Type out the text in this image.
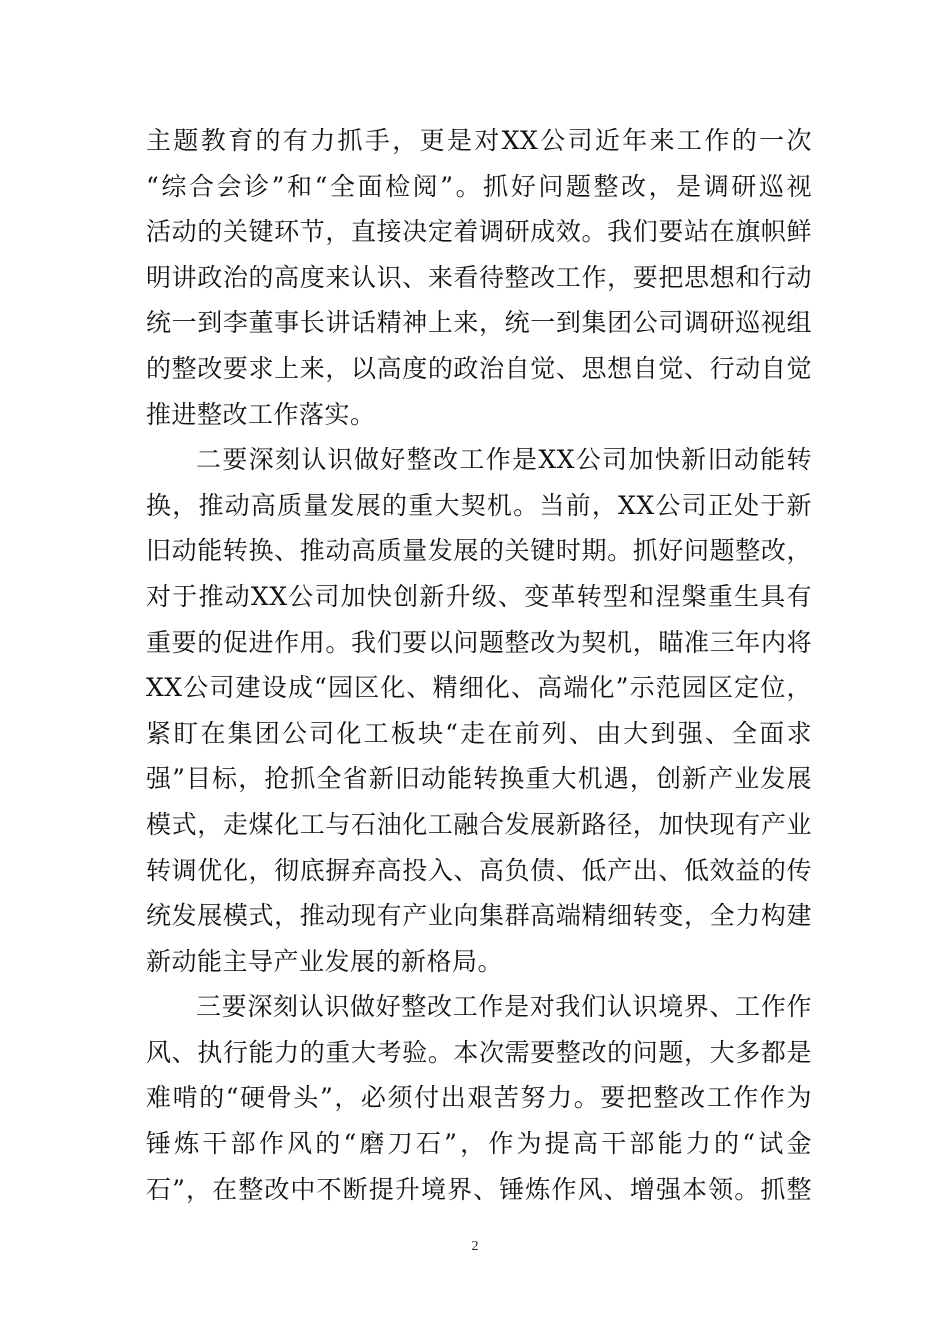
主题教育的有力抓手，更是对XX公司近年来工作的一次
“综合会诊”和“全面检阅”。抓好问题整改，是调研巡视
活动的关键环节，直接决定着调研成效。我们要站在旗帜鲜
明讲政治的高度来认识、来看待整改工作，要把思想和行动
统一到李董事长讲话精神上来，统一到集团公司调研巡视组
的整改要求上来，以高度的政治自觉、思想自觉、行动自觉
推进整改工作落实。
二要深刻认识做好整改工作是XX公司加快新旧动能转
换，推动高质量发展的重大契机。当前，XX公司正处于新
旧动能转换、推动高质量发展的关键时期。抓好问题整改，
对于推动XX公司加快创新升级、变革转型和涅槃重生具有
重要的促进作用。我们要以问题整改为契机，瞄准三年内将
XX公司建设成“园区化、精细化、高端化”示范园区定位，
紧盯在集团公司化工板块“走在前列、由大到强、全面求
强”目标，抢抓全省新旧动能转换重大机遇，创新产业发展
模式，走煤化工与石油化工融合发展新路径，加快现有产业
转调优化，彻底摒弃高投入、高负债、低产出、低效益的传
统发展模式，推动现有产业向集群高端精细转变，全力构建
新动能主导产业发展的新格局。
三要深刻认识做好整改工作是对我们认识境界、工作作
风、执行能力的重大考验。本次需要整改的问题，大多都是
难啃的“硬骨头”，必须付出艰苦努力。要把整改工作作为
锤炼干部作风的“磨刀石”，作为提高干部能力的“试金
石”，在整改中不断提升境界、锤炼作风、增强本领。抓整
2
